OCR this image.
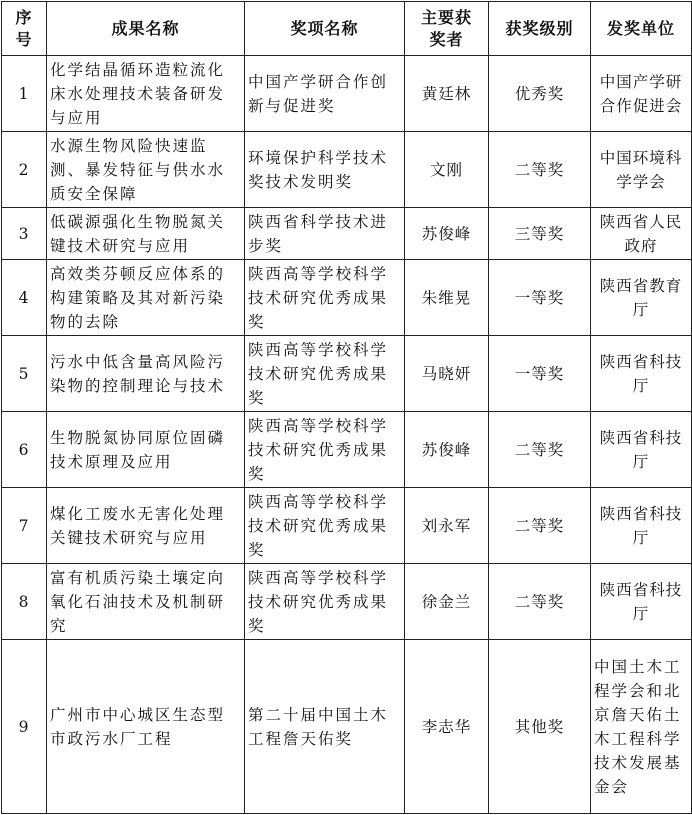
序号	成果名称	奖项名称	主要获奖者	获奖级别	发奖单位
1	化学结晶循环造粒流化床水处理技术装备研发与应用	中国产学研合作创新与促进奖	黄廷林	优秀奖	中国产学研合作促进会
2	水源生物风险快速监测、暴发特征与供水水质安全保障	环境保护科学技术奖技术发明奖	文刚	二等奖	中国环境科学学会
3	低碳源强化生物脱氮关键技术研究与应用	陕西省科学技术进步奖	苏俊峰	三等奖	陕西省人民政府
4	高效类芬顿反应体系的构建策略及其对新污染物的去除	陕西高等学校科学技术研究优秀成果奖	朱维晃	一等奖	陕西省教育厅
5	污水中低含量高风险污染物的控制理论与技术	陕西高等学校科学技术研究优秀成果奖	马晓妍	一等奖	陕西省科技厅
6	生物脱氮协同原位固磷技术原理及应用	陕西高等学校科学技术研究优秀成果奖	苏俊峰	二等奖	陕西省科技厅
7	煤化工废水无害化处理关键技术研究与应用	陕西高等学校科学技术研究优秀成果奖	刘永军	二等奖	陕西省科技厅
8	富有机质污染土壤定向氧化石油技术及机制研究	陕西高等学校科学技术研究优秀成果奖	徐金兰	二等奖	陕西省科技厅
9	广州市中心城区生态型市政污水厂工程	第二十届中国土木工程詹天佑奖	李志华	其他奖	中国土木工程学会和北京詹天佑土木工程科学技术发展基金会
